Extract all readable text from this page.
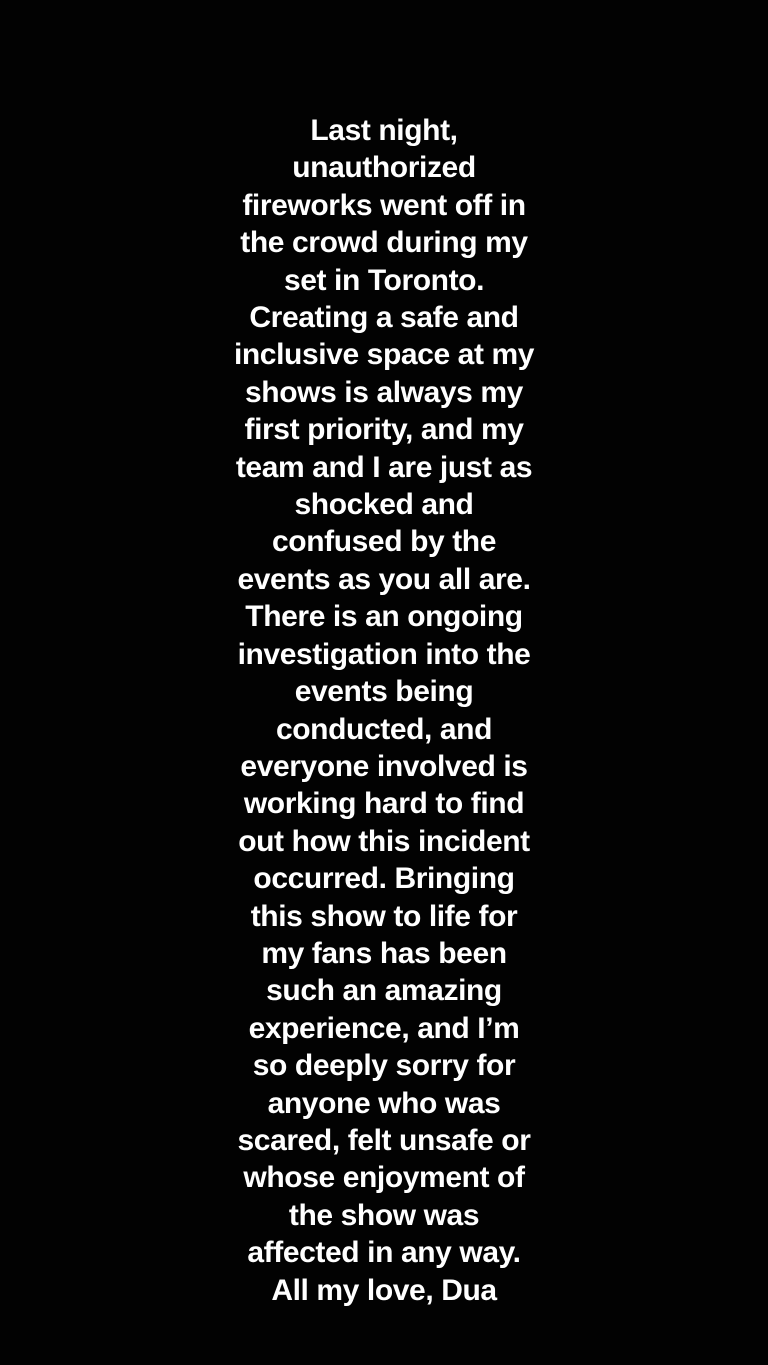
Last night,
unauthorized
fireworks went off in
the crowd during my
set in Toronto.
Creating a safe and
inclusive space at my
shows is always my
first priority, and my
team and I are just as
shocked and
confused by the
events as you all are.
There is an ongoing
investigation into the
events being
conducted, and
everyone involved is
working hard to find
out how this incident
occurred. Bringing
this show to life for
my fans has been
such an amazing
experience, and I’m
so deeply sorry for
anyone who was
scared, felt unsafe or
whose enjoyment of
the show was
affected in any way.
All my love, Dua
